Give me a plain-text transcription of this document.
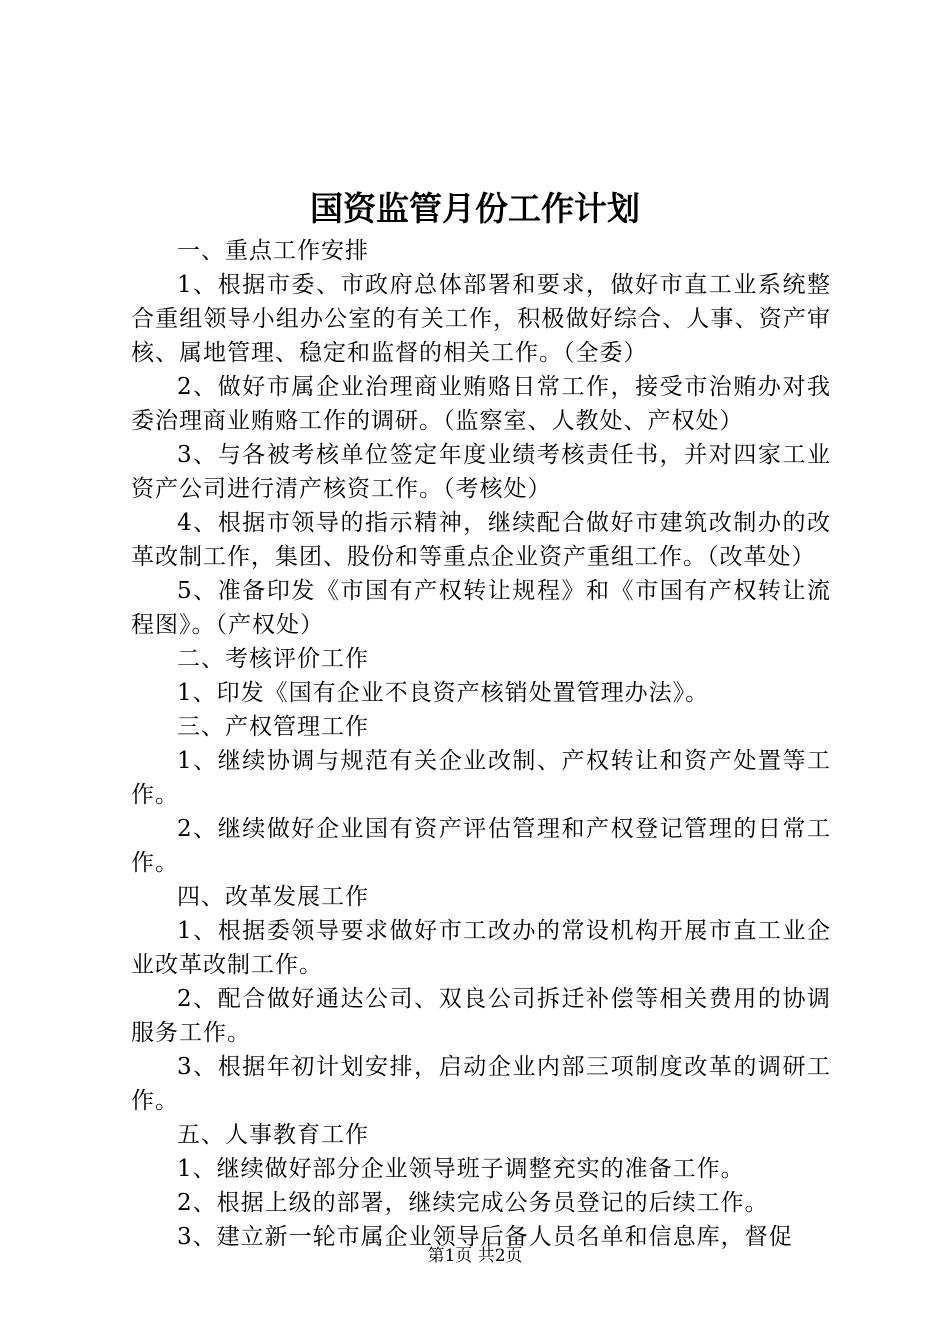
国资监管月份工作计划

一、重点工作安排

1、根据市委、市政府总体部署和要求，做好市直工业系统整合重组领导小组办公室的有关工作，积极做好综合、人事、资产审核、属地管理、稳定和监督的相关工作。（全委）

2、做好市属企业治理商业贿赂日常工作，接受市治贿办对我委治理商业贿赂工作的调研。（监察室、人教处、产权处）

3、与各被考核单位签定年度业绩考核责任书，并对四家工业资产公司进行清产核资工作。（考核处）

4、根据市领导的指示精神，继续配合做好市建筑改制办的改革改制工作，集团、股份和等重点企业资产重组工作。（改革处）

5、准备印发《市国有产权转让规程》和《市国有产权转让流程图》。（产权处）

二、考核评价工作

1、印发《国有企业不良资产核销处置管理办法》。

三、产权管理工作

1、继续协调与规范有关企业改制、产权转让和资产处置等工作。

2、继续做好企业国有资产评估管理和产权登记管理的日常工作。

四、改革发展工作

1、根据委领导要求做好市工改办的常设机构开展市直工业企业改革改制工作。

2、配合做好通达公司、双良公司拆迁补偿等相关费用的协调服务工作。

3、根据年初计划安排，启动企业内部三项制度改革的调研工作。

五、人事教育工作

1、继续做好部分企业领导班子调整充实的准备工作。

2、根据上级的部署，继续完成公务员登记的后续工作。

3、建立新一轮市属企业领导后备人员名单和信息库，督促

第1页 共2页
